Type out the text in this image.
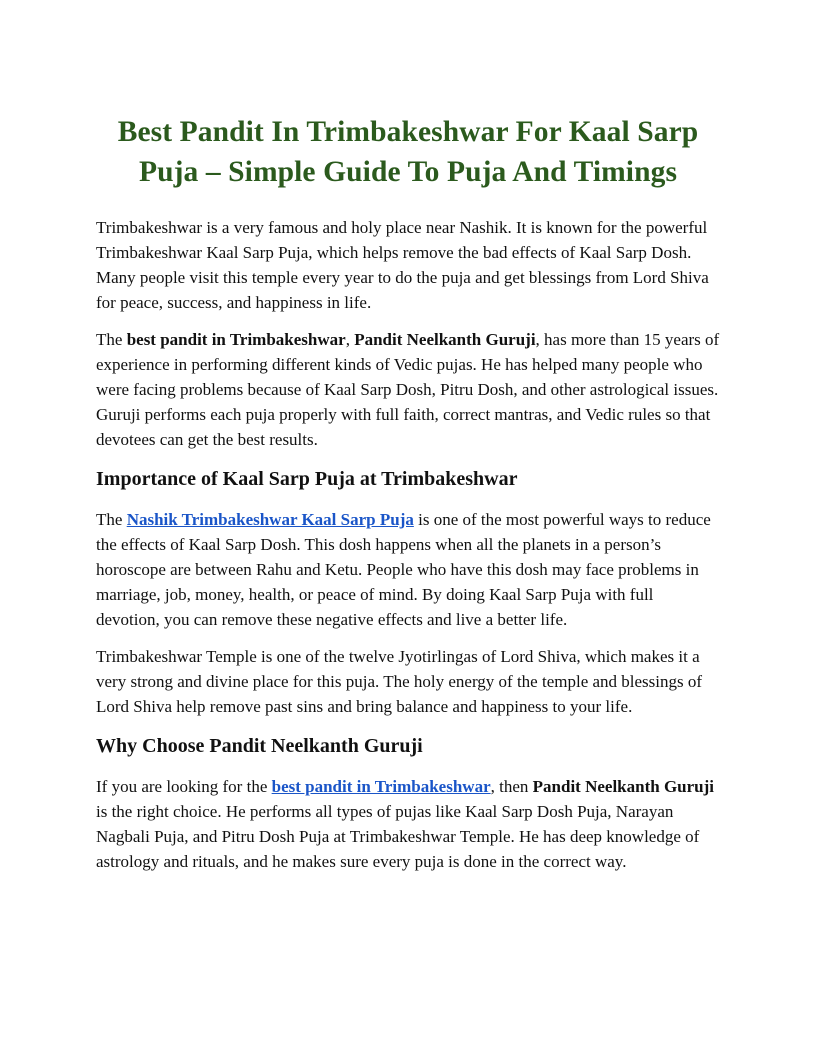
Best Pandit In Trimbakeshwar For Kaal Sarp Puja – Simple Guide To Puja And Timings

Trimbakeshwar is a very famous and holy place near Nashik. It is known for the powerful Trimbakeshwar Kaal Sarp Puja, which helps remove the bad effects of Kaal Sarp Dosh. Many people visit this temple every year to do the puja and get blessings from Lord Shiva for peace, success, and happiness in life.

The best pandit in Trimbakeshwar, Pandit Neelkanth Guruji, has more than 15 years of experience in performing different kinds of Vedic pujas. He has helped many people who were facing problems because of Kaal Sarp Dosh, Pitru Dosh, and other astrological issues. Guruji performs each puja properly with full faith, correct mantras, and Vedic rules so that devotees can get the best results.

Importance of Kaal Sarp Puja at Trimbakeshwar

The Nashik Trimbakeshwar Kaal Sarp Puja is one of the most powerful ways to reduce the effects of Kaal Sarp Dosh. This dosh happens when all the planets in a person’s horoscope are between Rahu and Ketu. People who have this dosh may face problems in marriage, job, money, health, or peace of mind. By doing Kaal Sarp Puja with full devotion, you can remove these negative effects and live a better life.

Trimbakeshwar Temple is one of the twelve Jyotirlingas of Lord Shiva, which makes it a very strong and divine place for this puja. The holy energy of the temple and blessings of Lord Shiva help remove past sins and bring balance and happiness to your life.

Why Choose Pandit Neelkanth Guruji

If you are looking for the best pandit in Trimbakeshwar, then Pandit Neelkanth Guruji is the right choice. He performs all types of pujas like Kaal Sarp Dosh Puja, Narayan Nagbali Puja, and Pitru Dosh Puja at Trimbakeshwar Temple. He has deep knowledge of astrology and rituals, and he makes sure every puja is done in the correct way.
